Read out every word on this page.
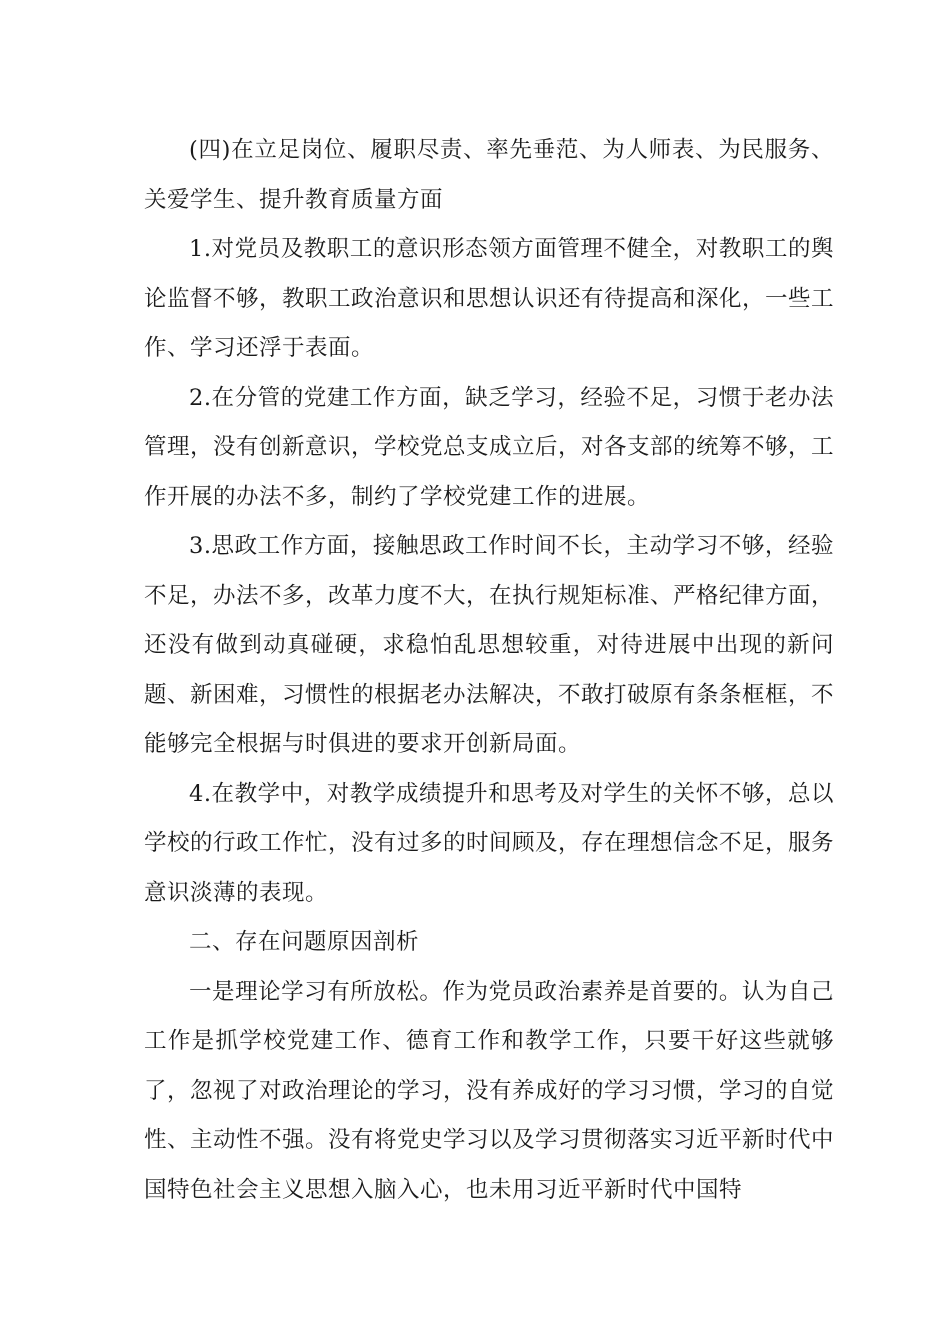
(四)在立足岗位、履职尽责、率先垂范、为人师表、为民服务、关爱学生、提升教育质量方面

1.对党员及教职工的意识形态领方面管理不健全，对教职工的舆论监督不够，教职工政治意识和思想认识还有待提高和深化，一些工作、学习还浮于表面。

2.在分管的党建工作方面，缺乏学习，经验不足，习惯于老办法管理，没有创新意识，学校党总支成立后，对各支部的统筹不够，工作开展的办法不多，制约了学校党建工作的进展。

3.思政工作方面，接触思政工作时间不长，主动学习不够，经验不足，办法不多，改革力度不大，在执行规矩标准、严格纪律方面，还没有做到动真碰硬，求稳怕乱思想较重，对待进展中出现的新问题、新困难，习惯性的根据老办法解决，不敢打破原有条条框框，不能够完全根据与时俱进的要求开创新局面。

4.在教学中，对教学成绩提升和思考及对学生的关怀不够，总以学校的行政工作忙，没有过多的时间顾及，存在理想信念不足，服务意识淡薄的表现。

二、存在问题原因剖析

一是理论学习有所放松。作为党员政治素养是首要的。认为自己工作是抓学校党建工作、德育工作和教学工作，只要干好这些就够了，忽视了对政治理论的学习，没有养成好的学习习惯，学习的自觉性、主动性不强。没有将党史学习以及学习贯彻落实习近平新时代中国特色社会主义思想入脑入心，也未用习近平新时代中国特
